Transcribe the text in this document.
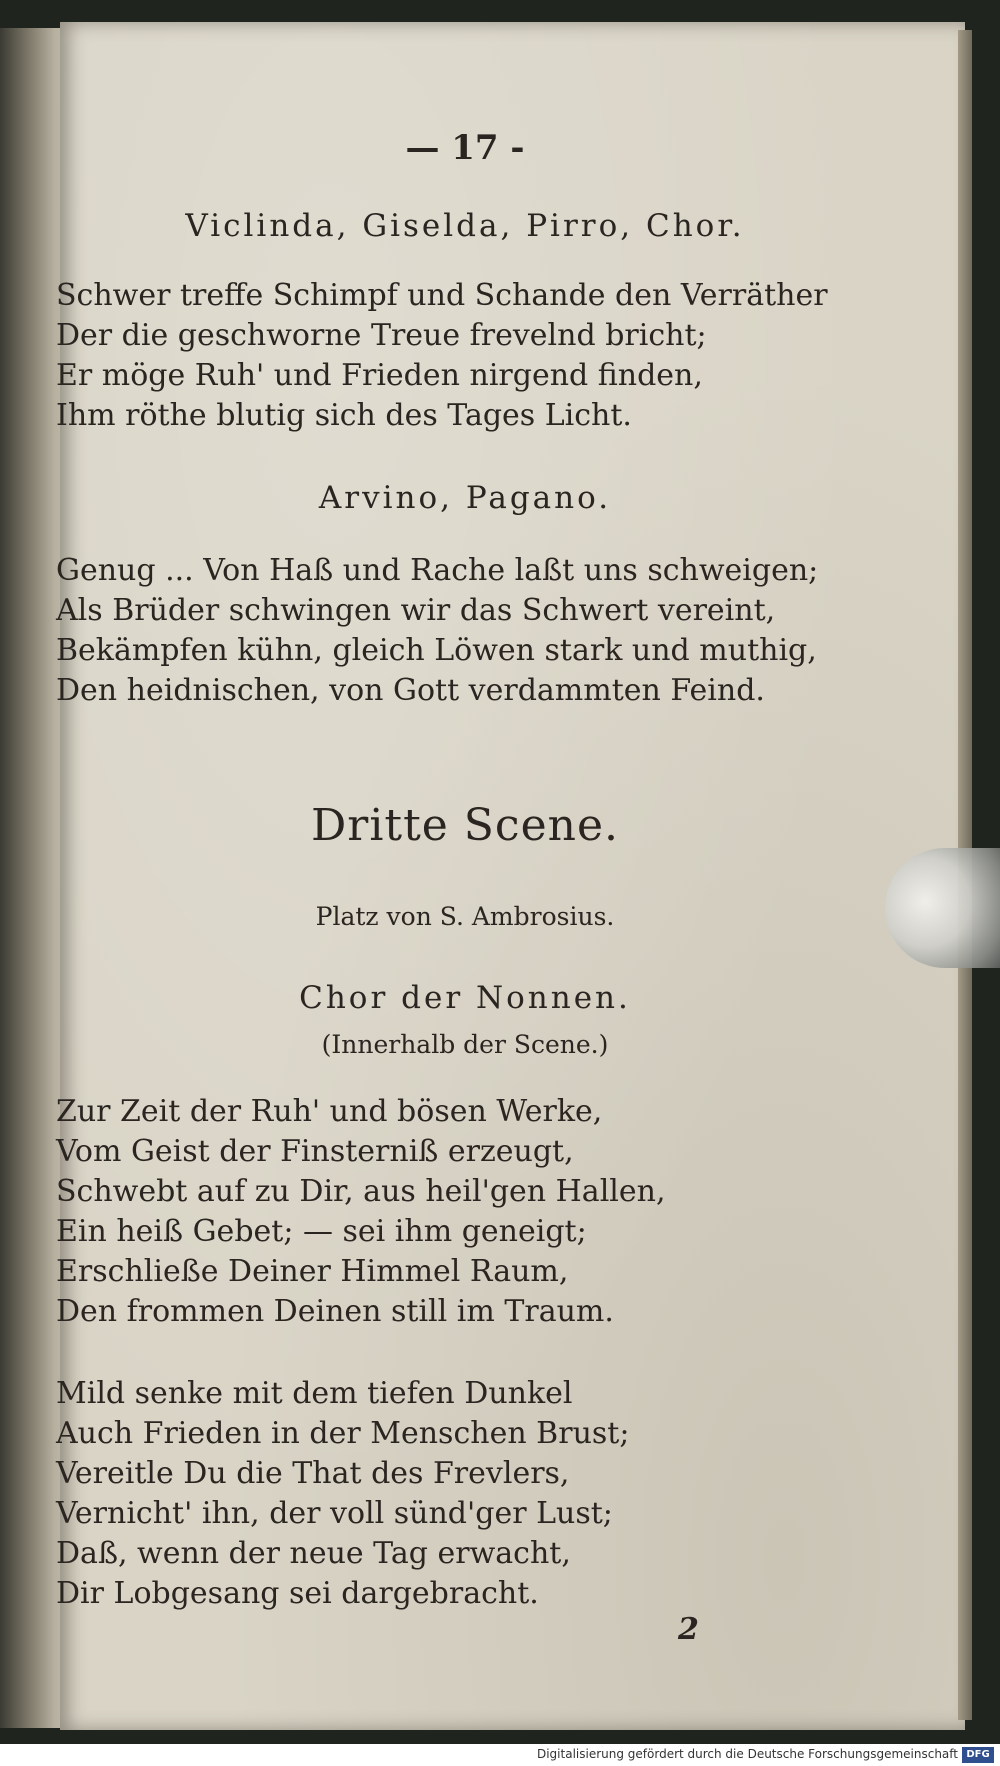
— 17 -
Viclinda, Giselda, Pirro, Chor.
Schwer treffe Schimpf und Schande den Verräther
Der die geschworne Treue frevelnd bricht;
Er möge Ruh' und Frieden nirgend finden,
Ihm röthe blutig sich des Tages Licht.
Arvino, Pagano.
Genug ... Von Haß und Rache laßt uns schweigen;
Als Brüder schwingen wir das Schwert vereint,
Bekämpfen kühn, gleich Löwen stark und muthig,
Den heidnischen, von Gott verdammten Feind.
Dritte Scene.
Platz von S. Ambrosius.
Chor der Nonnen.
(Innerhalb der Scene.)
Zur Zeit der Ruh' und bösen Werke,
Vom Geist der Finsterniß erzeugt,
Schwebt auf zu Dir, aus heil'gen Hallen,
Ein heiß Gebet; — sei ihm geneigt;
Erschließe Deiner Himmel Raum,
Den frommen Deinen still im Traum.
Mild senke mit dem tiefen Dunkel
Auch Frieden in der Menschen Brust;
Vereitle Du die That des Frevlers,
Vernicht' ihn, der voll sünd'ger Lust;
Daß, wenn der neue Tag erwacht,
Dir Lobgesang sei dargebracht.
2
Digitalisierung gefördert durch die Deutsche Forschungsgemeinschaft DFG
